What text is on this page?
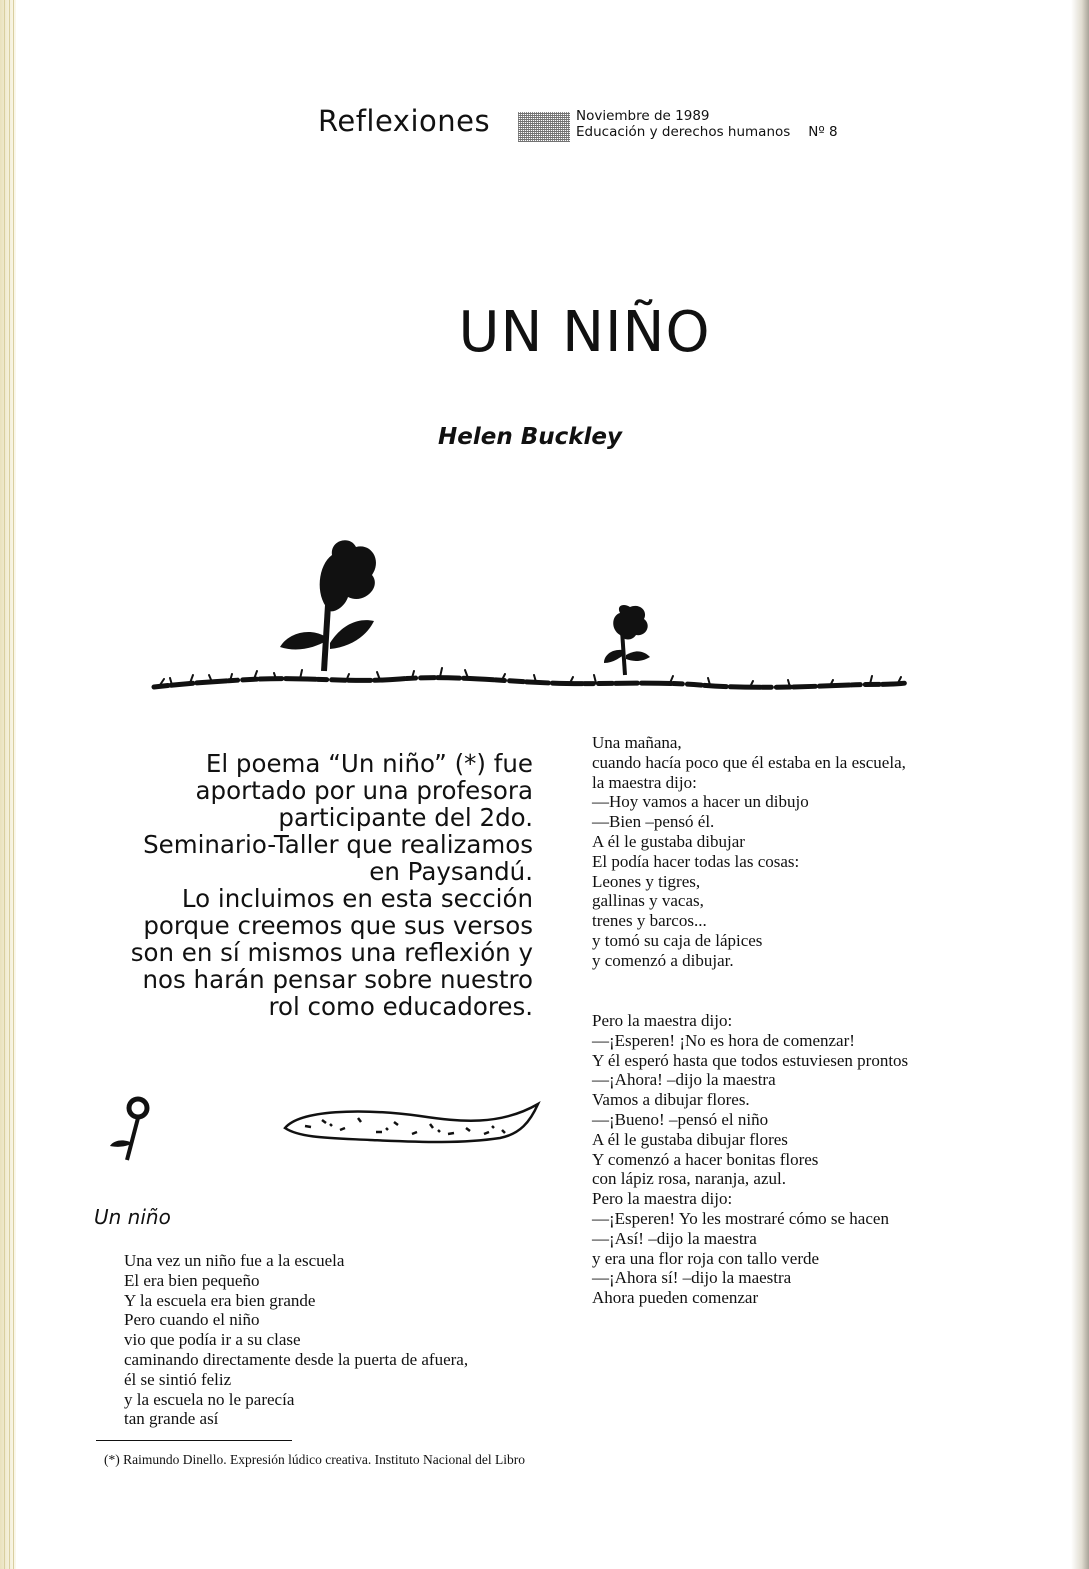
Reflexiones	Noviembre de 1989
Educación y derechos humanos Nº 8
UN NIÑO
Helen Buckley
El poema “Un niño” (*) fue
aportado por una profesora
participante del 2do.
Seminario-Taller que realizamos
en Paysandú.
Lo incluimos en esta sección
porque creemos que sus versos
son en sí mismos una reflexión y
nos harán pensar sobre nuestro
rol como educadores.
Un niño
Una vez un niño fue a la escuela
El era bien pequeño
Y la escuela era bien grande
Pero cuando el niño
vio que podía ir a su clase
caminando directamente desde la puerta de afuera,
él se sintió feliz
y la escuela no le parecía
tan grande así
Una mañana,
cuando hacía poco que él estaba en la escuela,
la maestra dijo:
—Hoy vamos a hacer un dibujo
—Bien –pensó él.
A él le gustaba dibujar
El podía hacer todas las cosas:
Leones y tigres,
gallinas y vacas,
trenes y barcos...
y tomó su caja de lápices
y comenzó a dibujar.
Pero la maestra dijo:
—¡Esperen! ¡No es hora de comenzar!
Y él esperó hasta que todos estuviesen prontos
—¡Ahora! –dijo la maestra
Vamos a dibujar flores.
—¡Bueno! –pensó el niño
A él le gustaba dibujar flores
Y comenzó a hacer bonitas flores
con lápiz rosa, naranja, azul.
Pero la maestra dijo:
—¡Esperen! Yo les mostraré cómo se hacen
—¡Así! –dijo la maestra
y era una flor roja con tallo verde
—¡Ahora sí! –dijo la maestra
Ahora pueden comenzar
(*) Raimundo Dinello. Expresión lúdico creativa. Instituto Nacional del Libro
